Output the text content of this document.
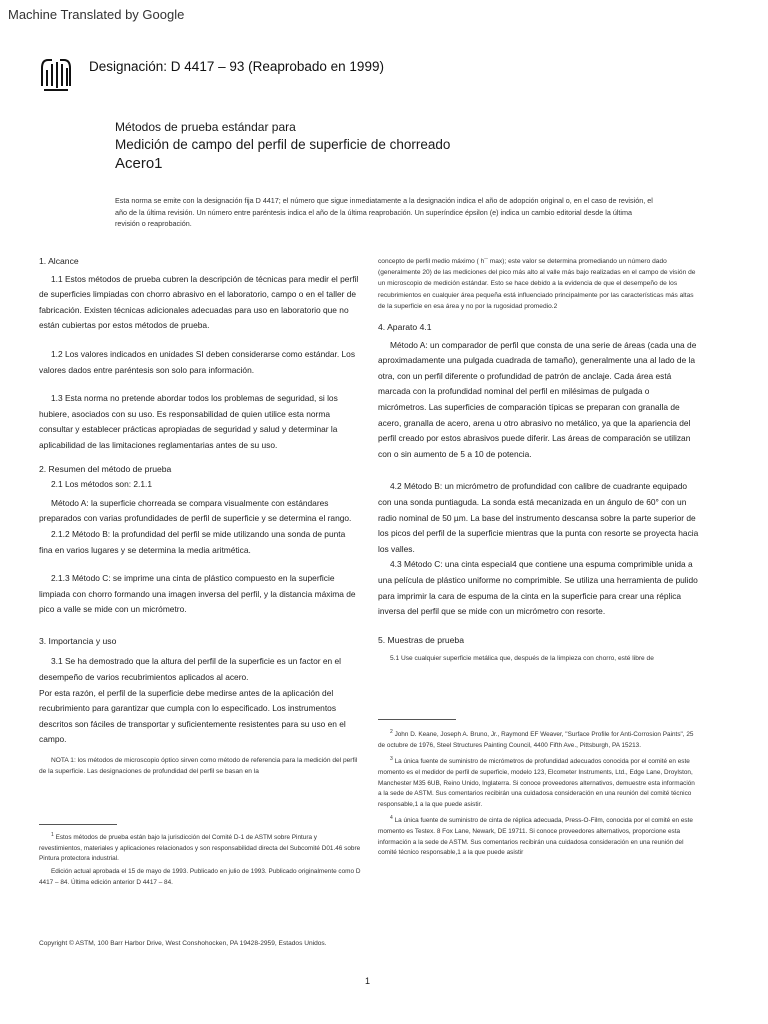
Machine Translated by Google
Designación: D 4417 – 93 (Reaprobado en 1999)
Métodos de prueba estándar para
Medición de campo del perfil de superficie de chorreado
Acero1
Esta norma se emite con la designación fija D 4417; el número que sigue inmediatamente a la designación indica el año de adopción original o, en el caso de revisión, el año de la última revisión. Un número entre paréntesis indica el año de la última reaprobación. Un superíndice épsilon (e) indica un cambio editorial desde la última revisión o reaprobación.

1. Alcance

1.1 Estos métodos de prueba cubren la descripción de técnicas para medir el perfil de superficies limpiadas con chorro abrasivo en el laboratorio, campo o en el taller de fabricación. Existen técnicas adicionales adecuadas para uso en laboratorio que no están cubiertas por estos métodos de prueba.

1.2 Los valores indicados en unidades SI deben considerarse como estándar. Los valores dados entre paréntesis son solo para información.

1.3 Esta norma no pretende abordar todos los problemas de seguridad, si los hubiere, asociados con su uso. Es responsabilidad de quien utilice esta norma consultar y establecer prácticas apropiadas de seguridad y salud y determinar la aplicabilidad de las limitaciones reglamentarias antes de su uso.

2. Resumen del método de prueba

2.1 Los métodos son: 2.1.1

Método A: la superficie chorreada se compara visualmente con estándares preparados con varias profundidades de perfil de superficie y se determina el rango.

2.1.2 Método B: la profundidad del perfil se mide utilizando una sonda de punta fina en varios lugares y se determina la media aritmética.

2.1.3 Método C: se imprime una cinta de plástico compuesto en la superficie limpiada con chorro formando una imagen inversa del perfil, y la distancia máxima de pico a valle se mide con un micrómetro.

3. Importancia y uso

3.1 Se ha demostrado que la altura del perfil de la superficie es un factor en el desempeño de varios recubrimientos aplicados al acero.

Por esta razón, el perfil de la superficie debe medirse antes de la aplicación del recubrimiento para garantizar que cumpla con lo especificado. Los instrumentos descritos son fáciles de transportar y suficientemente resistentes para su uso en el campo.

NOTA 1: los métodos de microscopio óptico sirven como método de referencia para la medición del perfil de la superficie. Las designaciones de profundidad del perfil se basan en la

$^1$ Estos métodos de prueba están bajo la jurisdicción del Comité D-1 de ASTM sobre Pintura y revestimientos, materiales y aplicaciones relacionados y son responsabilidad directa del Subcomité D01.46 sobre Pintura protectora industrial.

Edición actual aprobada el 15 de mayo de 1993. Publicado en julio de 1993. Publicado originalmente como D 4417 – 84. Última edición anterior D 4417 – 84.

concepto de perfil medio máximo ( h¯ max); este valor se determina promediando un número dado (generalmente 20) de las mediciones del pico más alto al valle más bajo realizadas en el campo de visión de un microscopio de medición estándar. Esto se hace debido a la evidencia de que el desempeño de los recubrimientos en cualquier área pequeña está influenciado principalmente por las características más altas de la superficie en esa área y no por la rugosidad promedio.2

4. Aparato 4.1

Método A: un comparador de perfil que consta de una serie de áreas (cada una de aproximadamente una pulgada cuadrada de tamaño), generalmente una al lado de la otra, con un perfil diferente o profundidad de patrón de anclaje. Cada área está marcada con la profundidad nominal del perfil en milésimas de pulgada o micrómetros. Las superficies de comparación típicas se preparan con granalla de acero, granalla de acero, arena u otro abrasivo no metálico, ya que la apariencia del perfil creado por estos abrasivos puede diferir. Las áreas de comparación se utilizan con o sin aumento de 5 a 10 de potencia.

4.2 Método B: un micrómetro de profundidad con calibre de cuadrante equipado con una sonda puntiaguda. La sonda está mecanizada en un ángulo de 60° con un radio nominal de 50 µm. La base del instrumento descansa sobre la parte superior de los picos del perfil de la superficie mientras que la punta con resorte se proyecta hacia los valles.

4.3 Método C: una cinta especial4 que contiene una espuma comprimible unida a una película de plástico uniforme no comprimible. Se utiliza una herramienta de pulido para imprimir la cara de espuma de la cinta en la superficie para crear una réplica inversa del perfil que se mide con un micrómetro con resorte.

5. Muestras de prueba

5.1 Use cualquier superficie metálica que, después de la limpieza con chorro, esté libre de

$^2$ John D. Keane, Joseph A. Bruno, Jr., Raymond EF Weaver, "Surface Profile for Anti-Corrosion Paints", 25 de octubre de 1976, Steel Structures Painting Council, 4400 Fifth Ave., Pittsburgh, PA 15213.

$^3$ La única fuente de suministro de micrómetros de profundidad adecuados conocida por el comité en este momento es el medidor de perfil de superficie, modelo 123, Elcometer Instruments, Ltd., Edge Lane, Droylston, Manchester M35 6UB, Reino Unido, Inglaterra. Si conoce proveedores alternativos, demuestre esta información a la sede de ASTM. Sus comentarios recibirán una cuidadosa consideración en una reunión del comité técnico responsable,1 a la que puede asistir.

$^4$ La única fuente de suministro de cinta de réplica adecuada, Press-O-Film, conocida por el comité en este momento es Testex. 8 Fox Lane, Newark, DE 19711. Si conoce proveedores alternativos, proporcione esta información a la sede de ASTM. Sus comentarios recibirán una cuidadosa consideración en una reunión del comité técnico responsable,1 a la que puede asistir

Copyright © ASTM, 100 Barr Harbor Drive, West Conshohocken, PA 19428-2959, Estados Unidos.
1
